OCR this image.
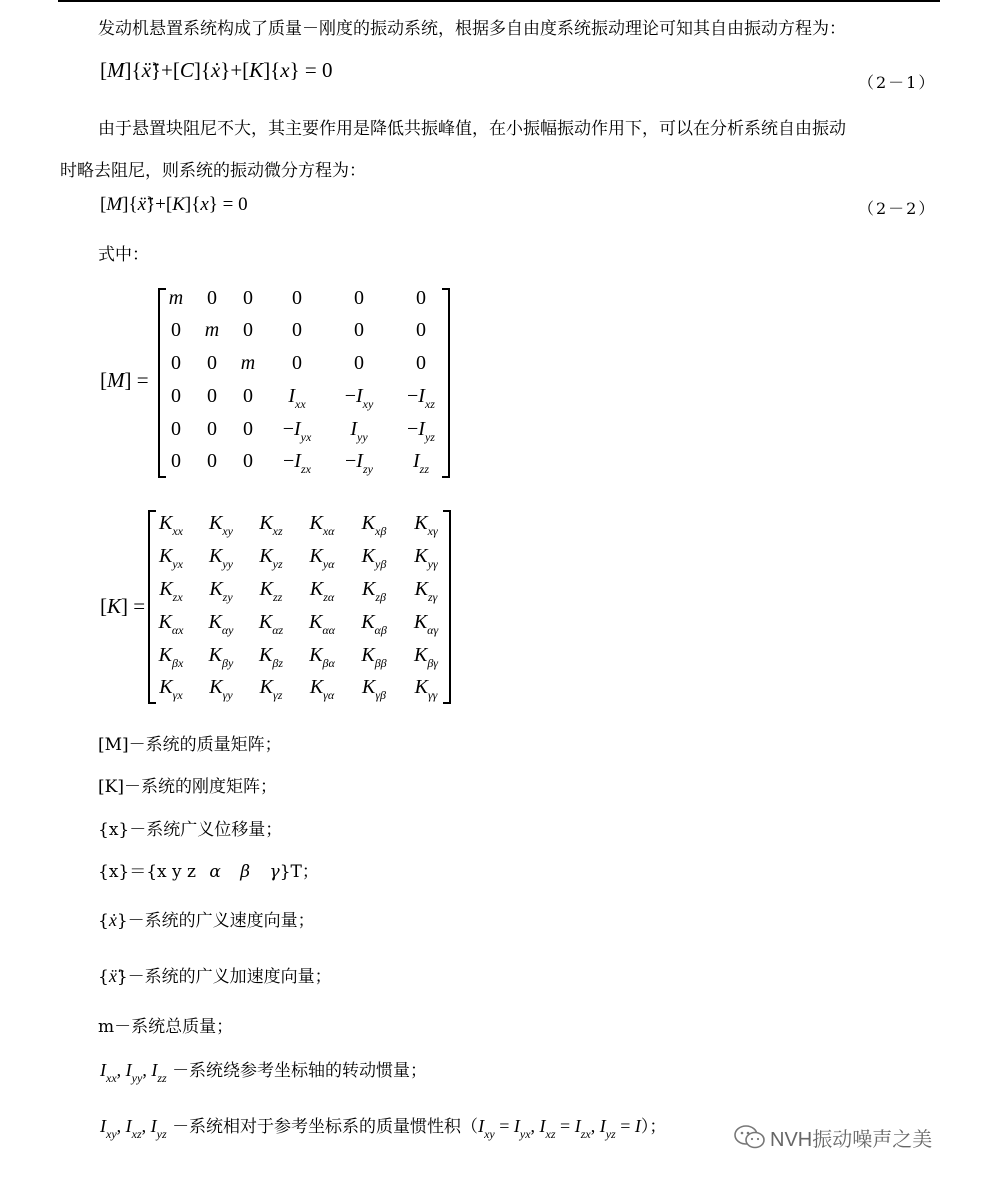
发动机悬置系统构成了质量－刚度的振动系统，根据多自由度系统振动理论可知其自由振动方程为：
[M]{ẍ̈}+[C]{ẋ}+[K]{x} = 0
（2－1）
由于悬置块阻尼不大，其主要作用是降低共振峰值，在小振幅振动作用下，可以在分析系统自由振动
时略去阻尼，则系统的振动微分方程为：
[M]{ẍ̈}+[K]{x} = 0	（2－2）
式中：
[M] =
m	0	0	0	0	0
0	m	0	0	0	0
0	0	m	0	0	0
0	0	0	$I_{xx}$	$-I_{xy}$	$-I_{xz}$
0	0	0	$-I_{yx}$	$I_{yy}$	$-I_{yz}$
0	0	0	$-I_{zx}$	$-I_{zy}$	$I_{zz}$
[K] =
$K_{xx}$	$K_{xy}$	$K_{xz}$	$K_{x\alpha}$	$K_{x\beta}$	$K_{x\gamma}$
$K_{yx}$	$K_{yy}$	$K_{yz}$	$K_{y\alpha}$	$K_{y\beta}$	$K_{y\gamma}$
$K_{zx}$	$K_{zy}$	$K_{zz}$	$K_{z\alpha}$	$K_{z\beta}$	$K_{z\gamma}$
$K_{\alpha x}$	$K_{\alpha y}$	$K_{\alpha z}$	$K_{\alpha\alpha}$	$K_{\alpha\beta}$	$K_{\alpha\gamma}$
$K_{\beta x}$	$K_{\beta y}$	$K_{\beta z}$	$K_{\beta\alpha}$	$K_{\beta\beta}$	$K_{\beta\gamma}$
$K_{\gamma x}$	$K_{\gamma y}$	$K_{\gamma z}$	$K_{\gamma\alpha}$	$K_{\gamma\beta}$	$K_{\gamma\gamma}$
[M]－系统的质量矩阵；
[K]－系统的刚度矩阵；
{x}－系统广义位移量；
{x}＝{x y z α β γ}T；
{ẋ}－系统的广义速度向量；
{ẍ̈}－系统的广义加速度向量；
m－系统总质量；
$I_{xx}$, $I_{yy}$, $I_{zz}$ －系统绕参考坐标轴的转动惯量；
$I_{xy}$, $I_{xz}$, $I_{yz}$ －系统相对于参考坐标系的质量惯性积（$I_{xy} = I_{yx}$, $I_{xz} = I_{zx}$, $I_{yz} = I$）；
NVH振动噪声之美
